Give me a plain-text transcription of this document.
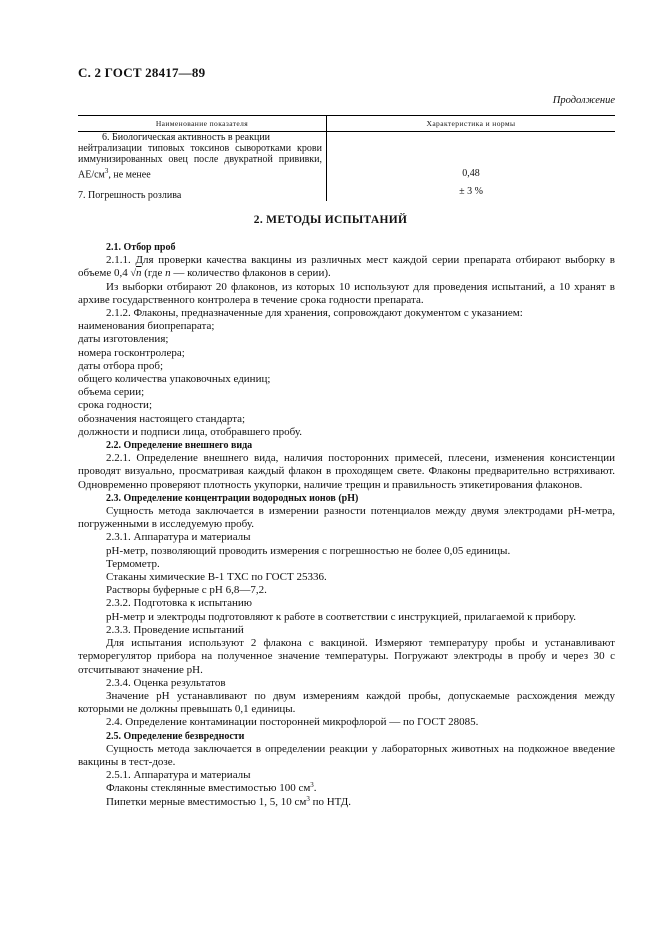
С. 2 ГОСТ 28417—89
Продолжение
Наименование показателя	Характеристика и нормы

6. Биологическая активность в реакции
нейтрализации типовых токсинов сыворотками крови иммунизированных овец после двукратной прививки, $АЕ/см^3$, не менее	0,48
7. Погрешность розлива	± 3 %
2. МЕТОДЫ ИСПЫТАНИЙ

2.1. Отбор проб

2.1.1. Для проверки качества вакцины из различных мест каждой серии препарата отбирают выборку в объеме 0,4 √n (где n — количество флаконов в серии).

Из выборки отбирают 20 флаконов, из которых 10 используют для проведения испытаний, а 10 хранят в архиве государственного контролера в течение срока годности препарата.

2.1.2. Флаконы, предназначенные для хранения, сопровождают документом с указанием:

наименования биопрепарата;

даты изготовления;

номера госконтролера;

даты отбора проб;

общего количества упаковочных единиц;

объема серии;

срока годности;

обозначения настоящего стандарта;

должности и подписи лица, отобравшего пробу.

2.2. Определение внешнего вида

2.2.1. Определение внешнего вида, наличия посторонних примесей, плесени, изменения консистенции проводят визуально, просматривая каждый флакон в проходящем свете. Флаконы предварительно встряхивают. Одновременно проверяют плотность укупорки, наличие трещин и правильность этикетирования флаконов.

2.3. Определение концентрации водородных ионов (рН)

Сущность метода заключается в измерении разности потенциалов между двумя электродами рН-метра, погруженными в исследуемую пробу.

2.3.1. Аппаратура и материалы

рН-метр, позволяющий проводить измерения с погрешностью не более 0,05 единицы.

Термометр.

Стаканы химические В-1 ТХС по ГОСТ 25336.

Растворы буферные с рН 6,8—7,2.

2.3.2. Подготовка к испытанию

рН-метр и электроды подготовляют к работе в соответствии с инструкцией, прилагаемой к прибору.

2.3.3. Проведение испытаний

Для испытания используют 2 флакона с вакциной. Измеряют температуру пробы и устанавливают терморегулятор прибора на полученное значение температуры. Погружают электроды в пробу и через 30 с отсчитывают значение рН.

2.3.4. Оценка результатов

Значение рН устанавливают по двум измерениям каждой пробы, допускаемые расхождения между которыми не должны превышать 0,1 единицы.

2.4. Определение контаминации посторонней микрофлорой — по ГОСТ 28085.

2.5. Определение безвредности

Сущность метода заключается в определении реакции у лабораторных животных на подкожное введение вакцины в тест-дозе.

2.5.1. Аппаратура и материалы

Флаконы стеклянные вместимостью 100 $см^3$.

Пипетки мерные вместимостью 1, 5, 10 $см^3$ по НТД.
